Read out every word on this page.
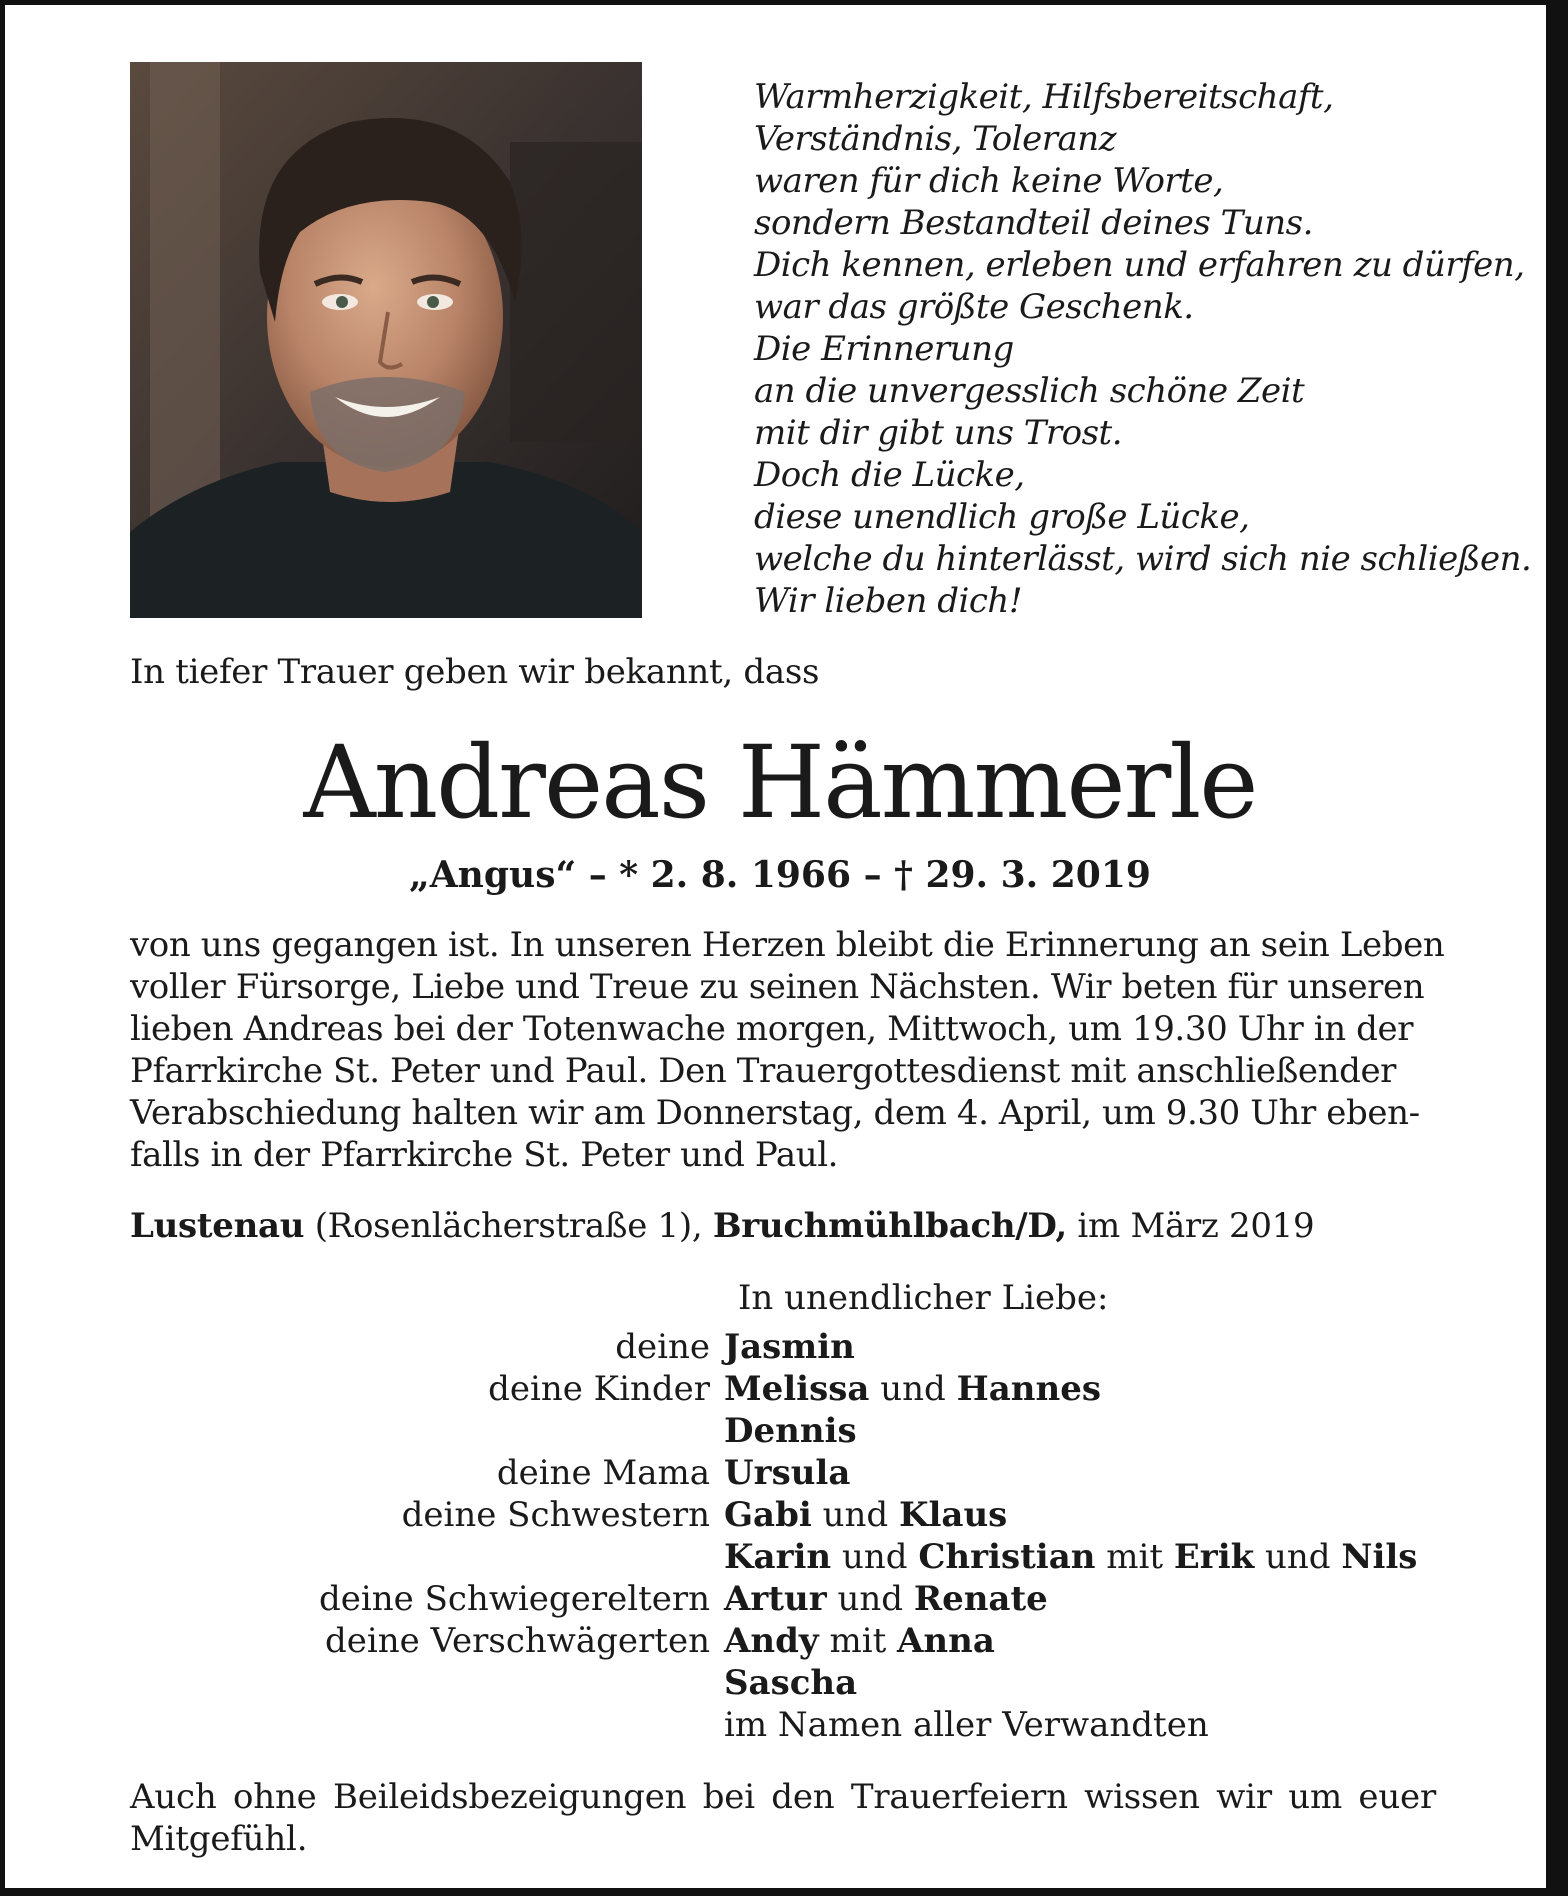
Warmherzigkeit, Hilfsbereitschaft,
Verständnis, Toleranz
waren für dich keine Worte,
sondern Bestandteil deines Tuns.
Dich kennen, erleben und erfahren zu dürfen,
war das größte Geschenk.
Die Erinnerung
an die unvergesslich schöne Zeit
mit dir gibt uns Trost.
Doch die Lücke,
diese unendlich große Lücke,
welche du hinterlässt, wird sich nie schließen.
Wir lieben dich!
In tiefer Trauer geben wir bekannt, dass
Andreas Hämmerle
„Angus“ – * 2. 8. 1966 – † 29. 3. 2019
von uns gegangen ist. In unseren Herzen bleibt die Erinnerung an sein Leben
voller Fürsorge, Liebe und Treue zu seinen Nächsten. Wir beten für unseren
lieben Andreas bei der Totenwache morgen, Mittwoch, um 19.30 Uhr in der
Pfarrkirche St. Peter und Paul. Den Trauergottesdienst mit anschließender
Verabschiedung halten wir am Donnerstag, dem 4. April, um 9.30 Uhr eben-
falls in der Pfarrkirche St. Peter und Paul.
Lustenau (Rosenlächerstraße 1), Bruchmühlbach/D, im März 2019
In unendlicher Liebe:
deine Jasmin
deine Kinder Melissa und Hannes
Dennis
deine Mama Ursula
deine Schwestern Gabi und Klaus
Karin und Christian mit Erik und Nils
deine Schwiegereltern Artur und Renate
deine Verschwägerten Andy mit Anna
Sascha
im Namen aller Verwandten
Auch ohne Beileidsbezeigungen bei den Trauerfeiern wissen wir um euer
Mitgefühl.
